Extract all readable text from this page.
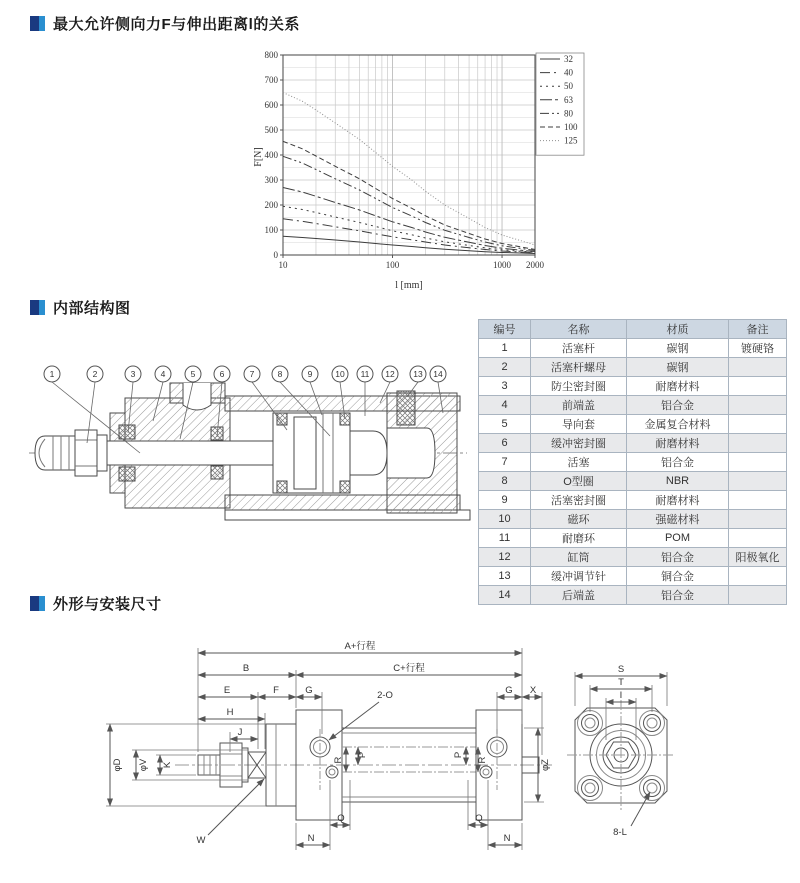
最大允许侧向力F与伸出距离l的关系
内部结构图
外形与安装尺寸
0
100
200
300
400
500
600
700
800
10	100	1000 2000
F[N]
l [mm]
32
40
50
63
80
100
125
1	2	3	4	5	6	7	8	9	10 11 12 13 14
编号	名称	材质	备注
1	活塞杆	碳钢	镀硬铬
2	活塞杆螺母	碳钢	
3	防尘密封圈	耐磨材料	
4	前端盖	铝合金	
5	导向套	金属复合材料	
6	缓冲密封圈	耐磨材料	
7	活塞	铝合金	
8	O型圈	NBR	
9	活塞密封圈	耐磨材料	
10	磁环	强磁材料	
11	耐磨环	POM	
12	缸筒	铝合金	阳极氧化
13	缓冲调节针	铜合金	
14	后端盖	铝合金	
A+行程
B	C+行程
E	F	G	G X
H
J
2-O
φD φV K
W
P
R
P
R
Q
N
Q
N
φZ
S
T
I
8-L
